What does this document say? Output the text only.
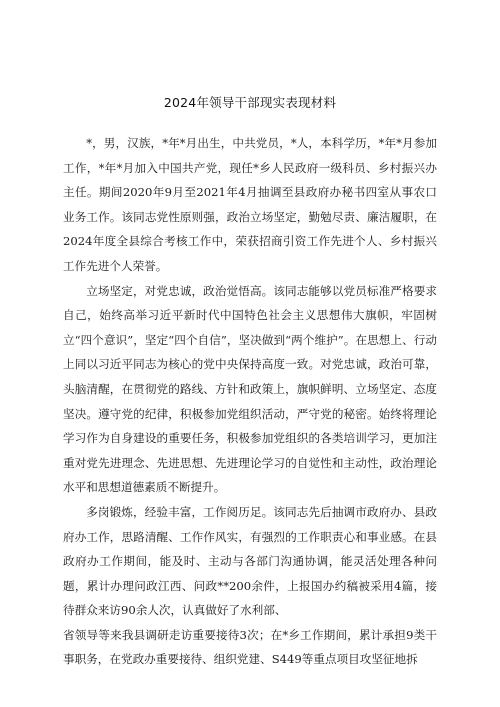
2024年领导干部现实表现材料

*，男，汉族，*年*月出生，中共党员，*人，本科学历，*年*月参加工作，*年*月加入中国共产党，现任*乡人民政府一级科员、乡村振兴办主任。期间2020年9月至2021年4月抽调至县政府办秘书四室从事农口业务工作。该同志党性原则强，政治立场坚定，勤勉尽责、廉洁履职，在2024年度全县综合考核工作中，荣获招商引资工作先进个人、乡村振兴工作先进个人荣誉。

立场坚定，对党忠诚，政治觉悟高。该同志能够以党员标准严格要求自己，始终高举习近平新时代中国特色社会主义思想伟大旗帜，牢固树立“四个意识”，坚定“四个自信”，坚决做到“两个维护”。在思想上、行动上同以习近平同志为核心的党中央保持高度一致。对党忠诚，政治可靠，头脑清醒，在贯彻党的路线、方针和政策上，旗帜鲜明、立场坚定、态度坚决。遵守党的纪律，积极参加党组织活动，严守党的秘密。始终将理论学习作为自身建设的重要任务，积极参加党组织的各类培训学习，更加注重对党先进理念、先进思想、先进理论学习的自觉性和主动性，政治理论水平和思想道德素质不断提升。

多岗锻炼，经验丰富，工作阅历足。该同志先后抽调市政府办、县政府办工作，思路清醒、工作作风实，有强烈的工作职责心和事业感。在县政府办工作期间，能及时、主动与各部门沟通协调，能灵活处理各种问题，累计办理问政江西、问政**200余件，上报国办约稿被采用4篇，接待群众来访90余人次，认真做好了水利部、

省领导等来我县调研走访重要接待3次；在*乡工作期间，累计承担9类干事职务，在党政办重要接待、组织党建、S449等重点项目攻坚征地拆
